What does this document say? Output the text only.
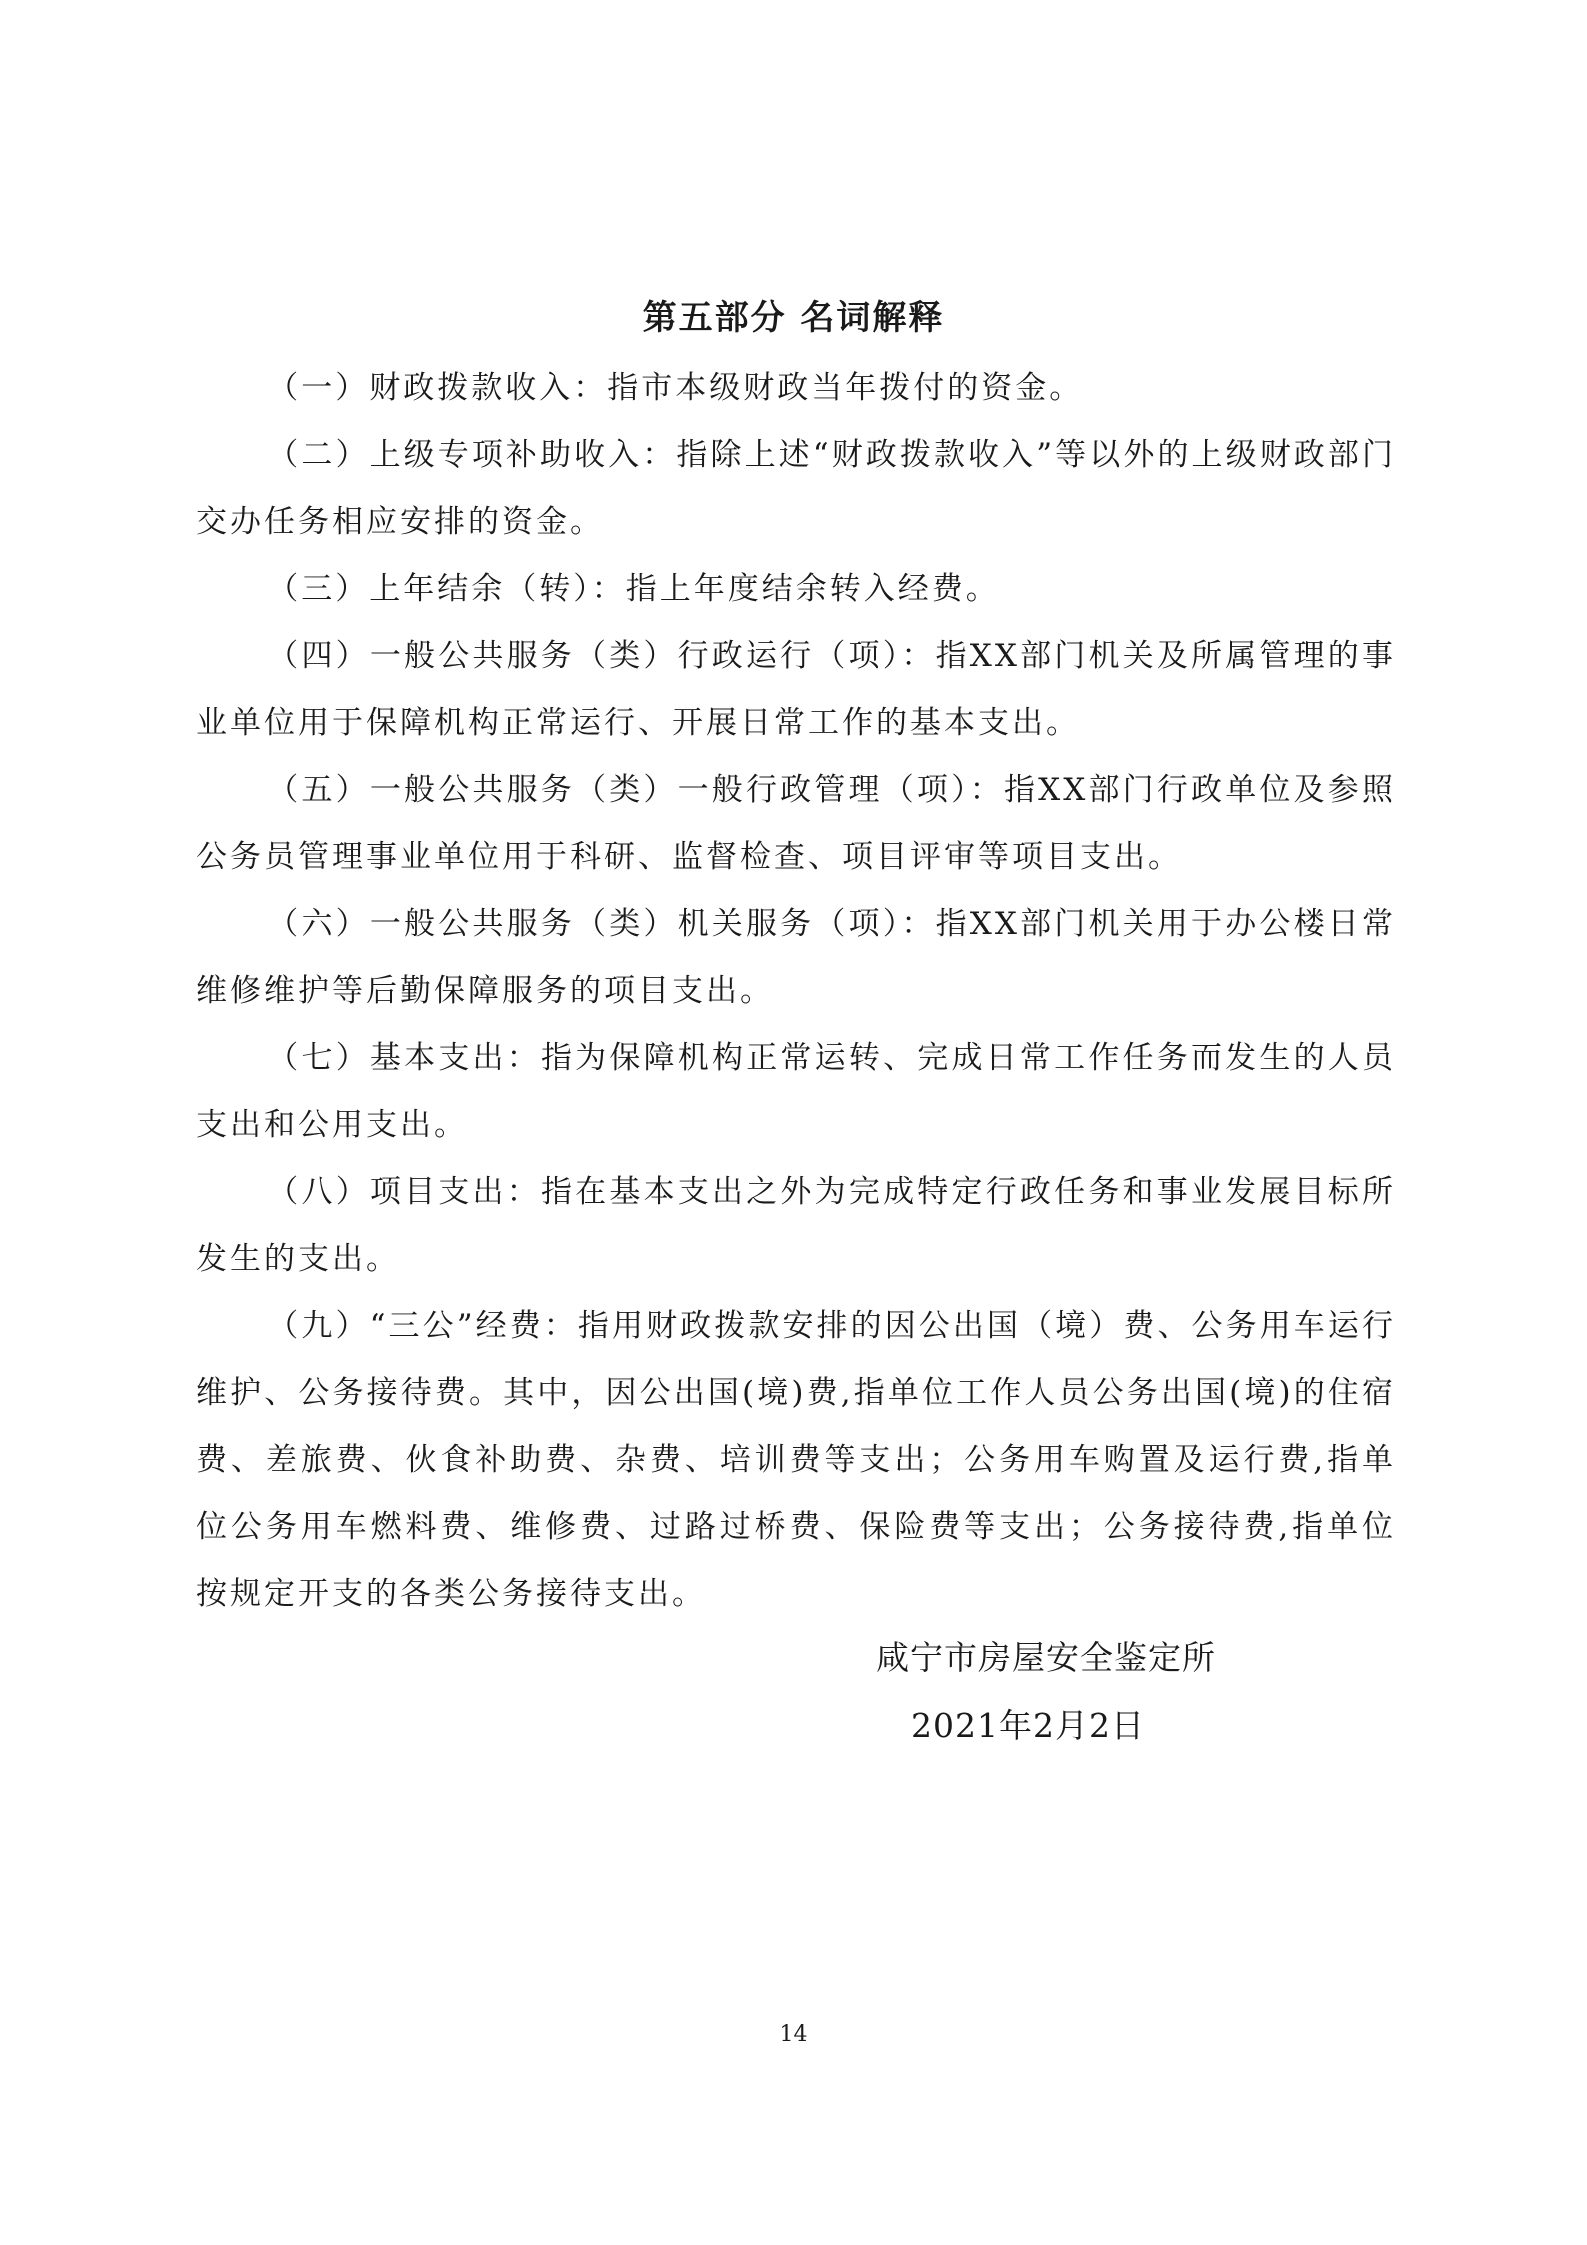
第五部分 名词解释

（一）财政拨款收入：指市本级财政当年拨付的资金。

（二）上级专项补助收入：指除上述“财政拨款收入”等以外的上级财政部门交办任务相应安排的资金。

（三）上年结余（转）：指上年度结余转入经费。

（四）一般公共服务（类）行政运行（项）：指XX部门机关及所属管理的事业单位用于保障机构正常运行、开展日常工作的基本支出。

（五）一般公共服务（类）一般行政管理（项）：指XX部门行政单位及参照公务员管理事业单位用于科研、监督检查、项目评审等项目支出。

（六）一般公共服务（类）机关服务（项）：指XX部门机关用于办公楼日常维修维护等后勤保障服务的项目支出。

（七）基本支出：指为保障机构正常运转、完成日常工作任务而发生的人员支出和公用支出。

（八）项目支出：指在基本支出之外为完成特定行政任务和事业发展目标所发生的支出。

（九）“三公”经费：指用财政拨款安排的因公出国（境）费、公务用车运行维护、公务接待费。其中，因公出国(境)费,指单位工作人员公务出国(境)的住宿费、差旅费、伙食补助费、杂费、培训费等支出；公务用车购置及运行费,指单位公务用车燃料费、维修费、过路过桥费、保险费等支出；公务接待费,指单位按规定开支的各类公务接待支出。

咸宁市房屋安全鉴定所
2021年2月2日
14
